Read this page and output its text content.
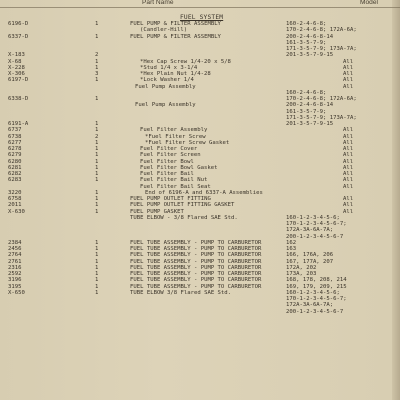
Part Name	Model
FUEL SYSTEM
6196-D	1	FUEL PUMP & FILTER ASSEMBLY	160-2-4-6-8;
(Candler-Hill)	170-2-4-6-8; 172A-6A;
6337-D	1	FUEL PUMP & FILTER ASSEMBLY	200-2-4-6-8-14
161-3-5-7-9;
171-3-5-7-9; 173A-7A;
X-183	2	201-3-5-7-9-15
X-68	1	*Hex Cap Screw 1/4-20 x 5/8	All
X-228	1	*Stud 1/4 x 3-1/4	All
X-306	3	*Hex Plain Nut 1/4-28	All
6197-D	1	*Lock Washer 1/4	All
Fuel Pump Assembly	All
160-2-4-6-8;
6338-D	1	170-2-4-6-8; 172A-6A;
Fuel Pump Assembly	200-2-4-6-8-14
161-3-5-7-9;
171-3-5-7-9; 173A-7A;
6191-A	1	201-3-5-7-9-15
6737	1	Fuel Filter Assembly	All
6738	2	*Fuel Filter Screw	All
6277	1	*Fuel Filter Screw Gasket	All
6278	1	Fuel Filter Cover	All
6279	1	Fuel Filter Screen	All
6280	1	Fuel Filter Bowl	All
6281	1	Fuel Filter Bowl Gasket	All
6282	1	Fuel Filter Bail	All
6283	1	Fuel Filter Bail Nut	All
Fuel Filter Bail Seat	All
3220	1	End of 6196-A and 6337-A Assemblies
6758	1	FUEL PUMP OUTLET FITTING	All
2011	1	FUEL PUMP OUTLET FITTING GASKET	All
X-630	1	FUEL PUMP GASKET	All
TUBE ELBOW - 3/8 Flared SAE Std.	160-1-2-3-4-5-6;
170-1-2-3-4-5-6-7;
172A-3A-6A-7A;
200-1-2-3-4-5-6-7
2384	1	FUEL TUBE ASSEMBLY - PUMP TO CARBURETOR	162
2456	1	FUEL TUBE ASSEMBLY - PUMP TO CARBURETOR	163
2764	1	FUEL TUBE ASSEMBLY - PUMP TO CARBURETOR	166, 176A, 206
2761	1	FUEL TUBE ASSEMBLY - PUMP TO CARBURETOR	167, 177A, 207
2316	1	FUEL TUBE ASSEMBLY - PUMP TO CARBURETOR	172A, 202
2592	1	FUEL TUBE ASSEMBLY - PUMP TO CARBURETOR	173A, 203
3196	1	FUEL TUBE ASSEMBLY - PUMP TO CARBURETOR	168, 178, 208, 214
3195	1	FUEL TUBE ASSEMBLY - PUMP TO CARBURETOR	169, 179, 209, 215
X-650	1	TUBE ELBOW 3/8 Flared SAE Std.	160-1-2-3-4-5-6;
170-1-2-3-4-5-6-7;
172A-3A-6A-7A;
200-1-2-3-4-5-6-7
